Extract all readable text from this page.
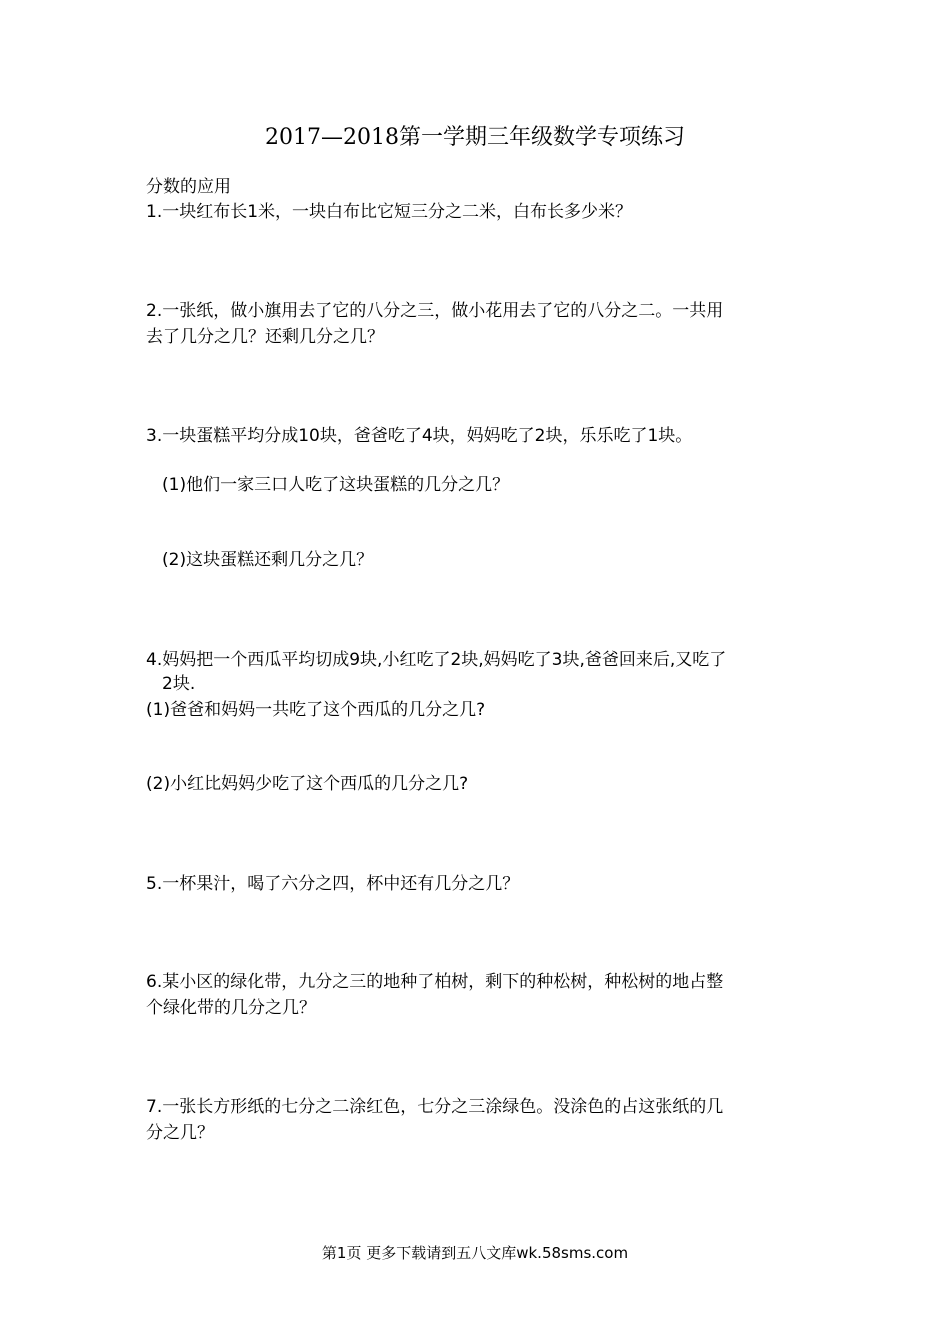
2017—2018第一学期三年级数学专项练习
分数的应用
1.一块红布长1米，一块白布比它短三分之二米，白布长多少米？
2.一张纸，做小旗用去了它的八分之三，做小花用去了它的八分之二。一共用
去了几分之几？还剩几分之几？
3.一块蛋糕平均分成10块，爸爸吃了4块，妈妈吃了2块，乐乐吃了1块。
(1)他们一家三口人吃了这块蛋糕的几分之几？
(2)这块蛋糕还剩几分之几？
4.妈妈把一个西瓜平均切成9块,小红吃了2块,妈妈吃了3块,爸爸回来后,又吃了
2块.
(1)爸爸和妈妈一共吃了这个西瓜的几分之几?
(2)小红比妈妈少吃了这个西瓜的几分之几?
5.一杯果汁，喝了六分之四，杯中还有几分之几？
6.某小区的绿化带，九分之三的地种了柏树，剩下的种松树，种松树的地占整
个绿化带的几分之几？
7.一张长方形纸的七分之二涂红色，七分之三涂绿色。没涂色的占这张纸的几
分之几？
第1页 更多下载请到五八文库wk.58sms.com
